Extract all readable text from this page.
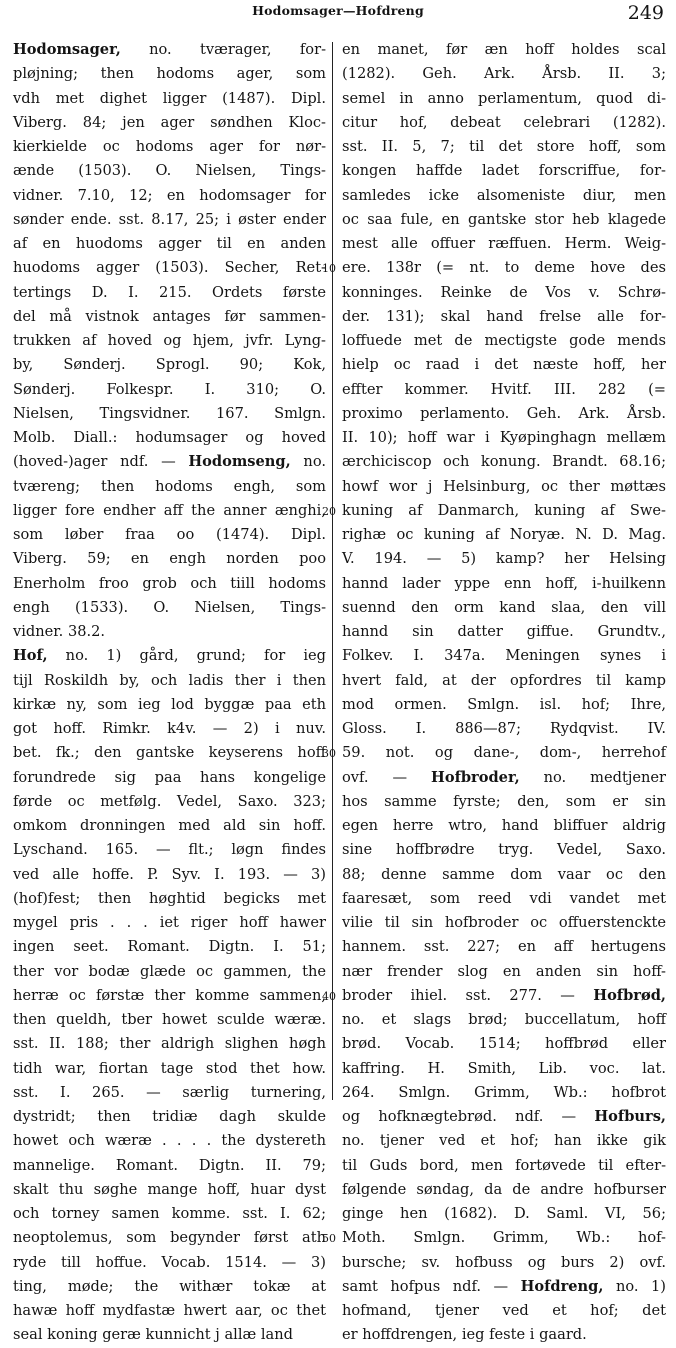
Hodomsager—Hofdreng	249
Hodomsager, no. tværager, for-
pløjning; then hodoms ager, som
vdh met dighet ligger (1487). Dipl.
Viberg. 84; jen ager søndhen Kloc-
kierkielde oc hodoms ager for nør-
ænde (1503). O. Nielsen, Tings-
vidner. 7.10, 12; en hodomsager for
sønder ende. sst. 8.17, 25; i øster ender
af en huodoms agger til en anden
huodoms agger (1503). Secher, Ret-
tertings D. I. 215. Ordets første
del må vistnok antages før sammen-
trukken af hoved og hjem, jvfr. Lyng-
by, Sønderj. Sprogl. 90; Kok,
Sønderj. Folkespr. I. 310; O.
Nielsen, Tingsvidner. 167. Smlgn.
Molb. Diall.: hodumsager og hoved
(hoved-)ager ndf. — Hodomseng, no.
tværeng; then hodoms engh, som
ligger fore endher aff the anner ænghi,
som løber fraa oo (1474). Dipl.
Viberg. 59; en engh norden poo
Enerholm froo grob och tiill hodoms
engh (1533). O. Nielsen, Tings-
vidner. 38.2.
Hof, no. 1) gård, grund; for ieg
tijl Roskildh by, och ladis ther i then
kirkæ ny, som ieg lod byggæ paa eth
got hoff. Rimkr. k4v. — 2) i nuv.
bet. fk.; den gantske keyserens hoff
forundrede sig paa hans kongelige
førde oc metfølg. Vedel, Saxo. 323;
omkom dronningen med ald sin hoff.
Lyschand. 165. — flt.; løgn findes
ved alle hoffe. P. Syv. I. 193. — 3)
(hof)fest; then høghtid begicks met
mygel pris . . . iet riger hoff hawer
ingen seet. Romant. Digtn. I. 51;
ther vor bodæ glæde oc gammen, the
herræ oc førstæ ther komme sammen,
then queldh, tber howet sculde wæræ.
sst. II. 188; ther aldrigh slighen høgh
tidh war, fiortan tage stod thet how.
sst. I. 265. — særlig turnering,
dystridt; then tridiæ dagh skulde
howet och wæræ . . . . the dystereth
mannelige. Romant. Digtn. II. 79;
skalt thu søghe mange hoff, huar dyst
och torney samen komme. sst. I. 62;
neoptolemus, som begynder først ath
ryde till hoffue. Vocab. 1514. — 3)
ting, møde; the withær tokæ at
hawæ hoff mydfastæ hwert aar, oc thet
seal koning geræ kunnicht j allæ land
10
20
30
40
50
en manet, før æn hoff holdes scal
(1282). Geh. Ark. Årsb. II. 3;
semel in anno perlamentum, quod di-
citur hof, debeat celebrari (1282).
sst. II. 5, 7; til det store hoff, som
kongen haffde ladet forscriffue, for-
samledes icke alsomeniste diur, men
oc saa fule, en gantske stor heb klagede
mest alle offuer ræffuen. Herm. Weig-
ere. 138r (= nt. to deme hove des
konninges. Reinke de Vos v. Schrø-
der. 131); skal hand frelse alle for-
loffuede met de mectigste gode mends
hielp oc raad i det næste hoff, her
effter kommer. Hvitf. III. 282 (=
proximo perlamento. Geh. Ark. Årsb.
II. 10); hoff war i Kyøpinghagn mellæm
ærchiciscop och konung. Brandt. 68.16;
howf wor j Helsinburg, oc ther møttæs
kuning af Danmarch, kuning af Swe-
righæ oc kuning af Noryæ. N. D. Mag.
V. 194. — 5) kamp? her Helsing
hannd lader yppe enn hoff, i-huilkenn
suennd den orm kand slaa, den vill
hannd sin datter giffue. Grundtv.,
Folkev. I. 347a. Meningen synes i
hvert fald, at der opfordres til kamp
mod ormen. Smlgn. isl. hof; Ihre,
Gloss. I. 886—87; Rydqvist. IV.
59. not. og dane-, dom-, herrehof
ovf. — Hofbroder, no. medtjener
hos samme fyrste; den, som er sin
egen herre wtro, hand bliffuer aldrig
sine hoffbrødre tryg. Vedel, Saxo.
88; denne samme dom vaar oc den
faaresæt, som reed vdi vandet met
vilie til sin hofbroder oc offuerstenckte
hannem. sst. 227; en aff hertugens
nær frender slog en anden sin hoff-
broder ihiel. sst. 277. — Hofbrød,
no. et slags brød; buccellatum, hoff
brød. Vocab. 1514; hoffbrød eller
kaffring. H. Smith, Lib. voc. lat.
264. Smlgn. Grimm, Wb.: hofbrot
og hofknægtebrød. ndf. — Hofburs,
no. tjener ved et hof; han ikke gik
til Guds bord, men fortøvede til efter-
følgende søndag, da de andre hofburser
ginge hen (1682). D. Saml. VI, 56;
Moth. Smlgn. Grimm, Wb.: hof-
bursche; sv. hofbuss og burs 2) ovf.
samt hofpus ndf. — Hofdreng, no. 1)
hofmand, tjener ved et hof; det
er hoffdrengen, ieg feste i gaard.
